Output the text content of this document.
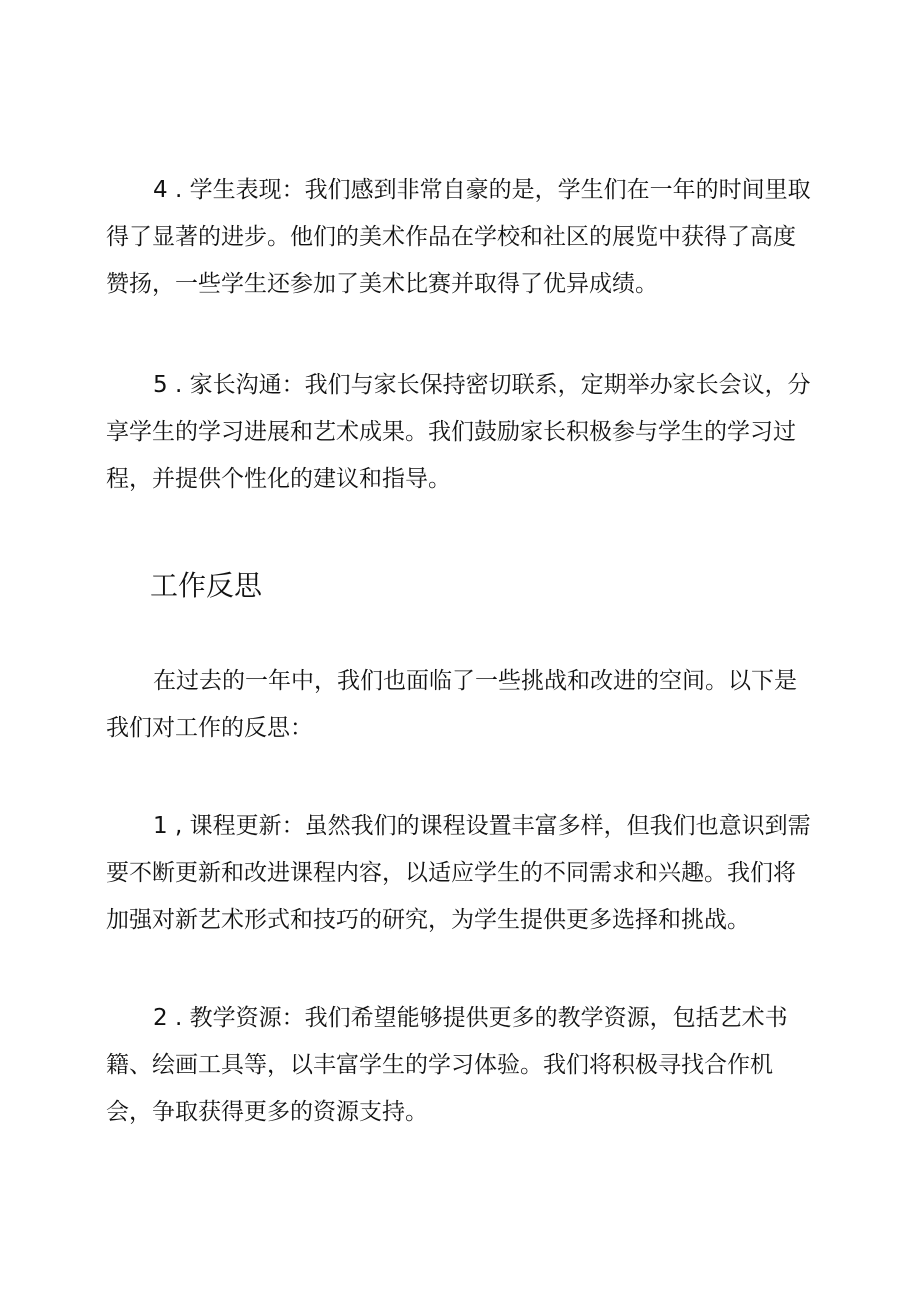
4 . 学生表现：我们感到非常自豪的是，学生们在一年的时间里取
得了显著的进步。他们的美术作品在学校和社区的展览中获得了高度
赞扬，一些学生还参加了美术比赛并取得了优异成绩。
5 . 家长沟通：我们与家长保持密切联系，定期举办家长会议，分
享学生的学习进展和艺术成果。我们鼓励家长积极参与学生的学习过
程，并提供个性化的建议和指导。
工作反思
在过去的一年中，我们也面临了一些挑战和改进的空间。以下是
我们对工作的反思：
1 , 课程更新：虽然我们的课程设置丰富多样，但我们也意识到需
要不断更新和改进课程内容，以适应学生的不同需求和兴趣。我们将
加强对新艺术形式和技巧的研究，为学生提供更多选择和挑战。
2 . 教学资源：我们希望能够提供更多的教学资源，包括艺术书
籍、绘画工具等，以丰富学生的学习体验。我们将积极寻找合作机
会，争取获得更多的资源支持。
